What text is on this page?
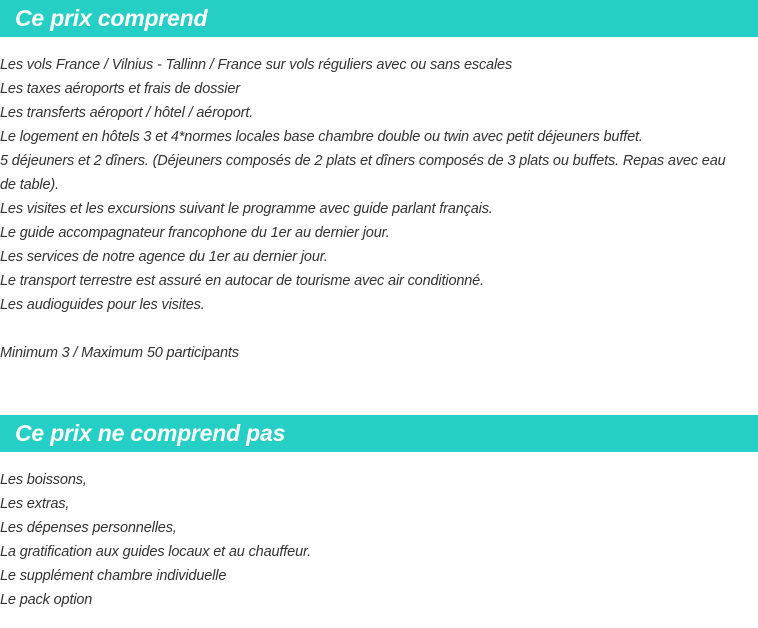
Ce prix comprend
Les vols France / Vilnius - Tallinn / France sur vols réguliers avec ou sans escales
Les taxes aéroports et frais de dossier
Les transferts aéroport / hôtel / aéroport.
Le logement en hôtels 3 et 4*normes locales base chambre double ou twin avec petit déjeuners buffet.
5 déjeuners et 2 dîners. (Déjeuners composés de 2 plats et dîners composés de 3 plats ou buffets. Repas avec eau de table).
Les visites et les excursions suivant le programme avec guide parlant français.
Le guide accompagnateur francophone du 1er au dernier jour.
Les services de notre agence du 1er au dernier jour.
Le transport terrestre est assuré en autocar de tourisme avec air conditionné.
Les audioguides pour les visites.

Minimum 3 / Maximum 50 participants

Ce prix ne comprend pas
Les boissons,
Les extras,
Les dépenses personnelles,
La gratification aux guides locaux et au chauffeur.
Le supplément chambre individuelle
Le pack option
